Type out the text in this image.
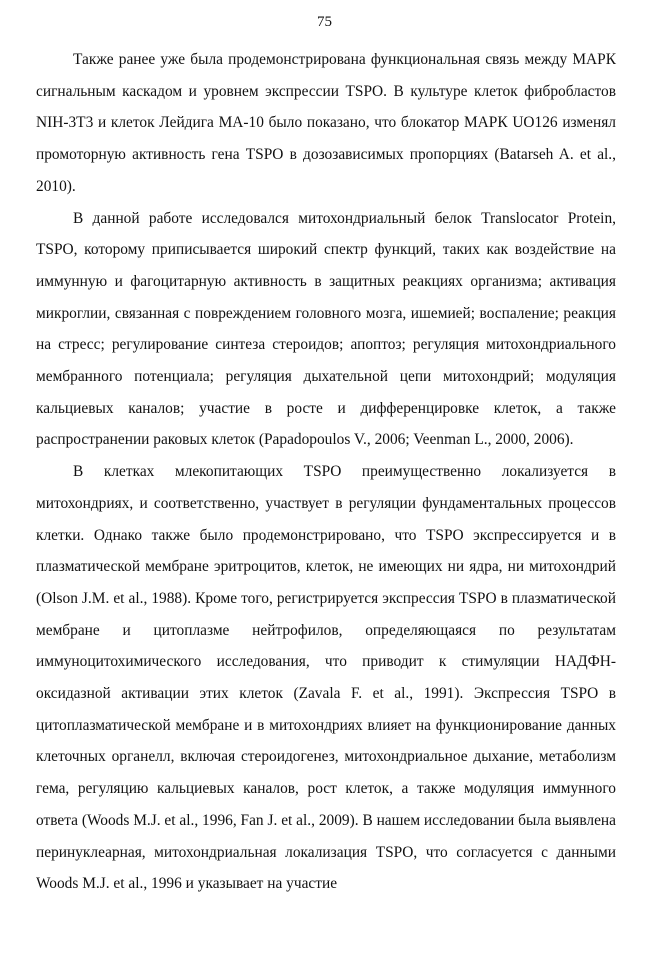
75

Также ранее уже была продемонстрирована функциональная связь между МАРК сигнальным каскадом и уровнем экспрессии TSPO. В культуре клеток фибробластов NIH-3T3 и клеток Лейдига MA-10 было показано, что блокатор МАРК UO126 изменял промоторную активность гена TSPO в дозозависимых пропорциях (Batarseh A. et al., 2010).

В данной работе исследовался митохондриальный белок Translocator Protein, TSPO, которому приписывается широкий спектр функций, таких как воздействие на иммунную и фагоцитарную активность в защитных реакциях организма; активация микроглии, связанная с повреждением головного мозга, ишемией; воспаление; реакция на стресс; регулирование синтеза стероидов; апоптоз; регуляция митохондриального мембранного потенциала; регуляция дыхательной цепи митохондрий; модуляция кальциевых каналов; участие в росте и дифференцировке клеток, а также распространении раковых клеток (Papadopoulos V., 2006; Veenman L., 2000, 2006).

В клетках млекопитающих TSPO преимущественно локализуется в митохондриях, и соответственно, участвует в регуляции фундаментальных процессов клетки. Однако также было продемонстрировано, что TSPO экспрессируется и в плазматической мембране эритроцитов, клеток, не имеющих ни ядра, ни митохондрий (Olson J.M. et al., 1988). Кроме того, регистрируется экспрессия TSPO в плазматической мембране и цитоплазме нейтрофилов, определяющаяся по результатам иммуноцитохимического исследования, что приводит к стимуляции НАДФН-оксидазной активации этих клеток (Zavala F. et al., 1991). Экспрессия TSPO в цитоплазматической мембране и в митохондриях влияет на функционирование данных клеточных органелл, включая стероидогенез, митохондриальное дыхание, метаболизм гема, регуляцию кальциевых каналов, рост клеток, а также модуляция иммунного ответа (Woods M.J. et al., 1996, Fan J. et al., 2009). В нашем исследовании была выявлена перинуклеарная, митохондриальная локализация TSPO, что согласуется с данными Woods M.J. et al., 1996 и указывает на участие
